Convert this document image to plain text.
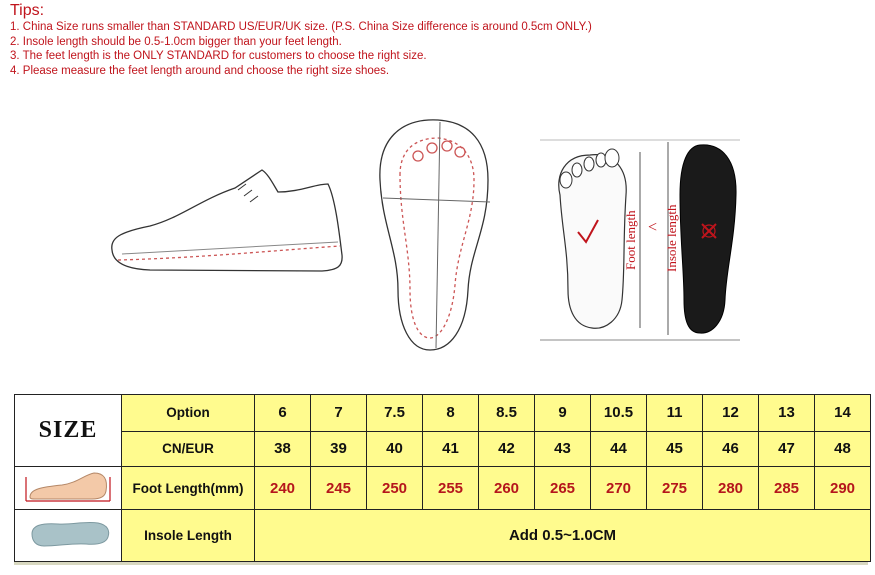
Tips:
1. China Size runs smaller than STANDARD US/EUR/UK size. (P.S. China Size difference is around 0.5cm ONLY.)
2. Insole length should be 0.5-1.0cm bigger than your feet length.
3. The feet length is the ONLY STANDARD for customers to choose the right size.
4. Please measure the feet length around and choose the right size shoes.
Foot length < Insole length
SIZE	Option	6	7	7.5	8	8.5	9	10.5	11	12	13	14
	CN/EUR	38	39	40	41	42	43	44	45	46	47	48
	Foot Length(mm)	240	245	250	255	260	265	270	275	280	285	290
	Insole Length	Add 0.5~1.0CM										
